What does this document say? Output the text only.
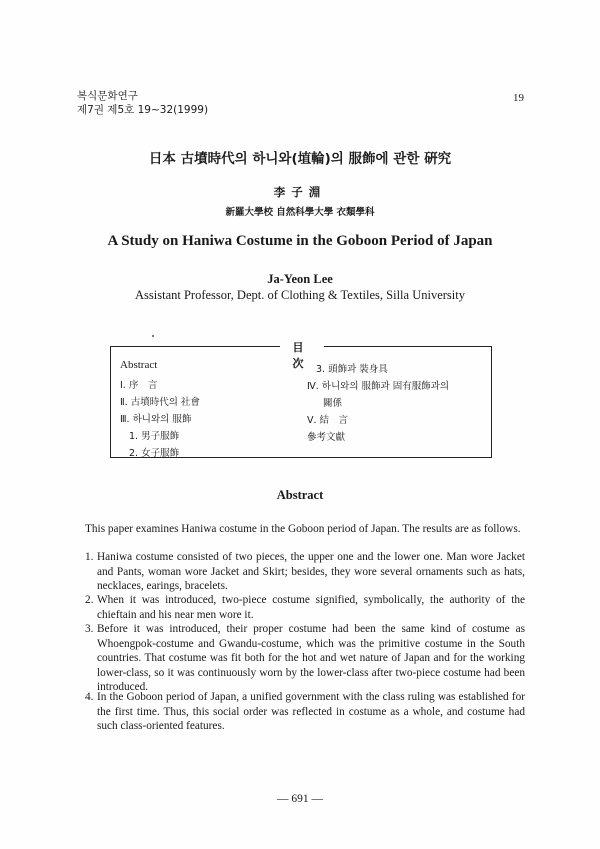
복식문화연구
제7권 제5호 19~32(1999)
19
日本 古墳時代의 하니와(埴輪)의 服飾에 관한 硏究
李子淵
新羅大學校 自然科學大學 衣類學科
A Study on Haniwa Costume in the Goboon Period of Japan
Ja-Yeon Lee
Assistant Professor, Dept. of Clothing & Textiles, Silla University
目 次
Abstract
Ⅰ. 序　言
Ⅱ. 古墳時代의 社會
Ⅲ. 하니와의 服飾
1. 男子服飾
2. 女子服飾
3. 頭飾과 裝身具
Ⅳ. 하니와의 服飾과 固有服飾과의
關係
Ⅴ. 結　言
參考文獻
Abstract
This paper examines Haniwa costume in the Goboon period of Japan. The results are as follows.
1. Haniwa costume consisted of two pieces, the upper one and the lower one. Man wore Jacket and Pants, woman wore Jacket and Skirt; besides, they wore several ornaments such as hats, necklaces, earings, bracelets.
2. When it was introduced, two-piece costume signified, symbolically, the authority of the chieftain and his near men wore it.
3. Before it was introduced, their proper costume had been the same kind of costume as Whoengpok-costume and Gwandu-costume, which was the primitive costume in the South countries. That costume was fit both for the hot and wet nature of Japan and for the working lower-class, so it was continuously worn by the lower-class after two-piece costume had been introduced.
4. In the Goboon period of Japan, a unified government with the class ruling was established for the first time. Thus, this social order was reflected in costume as a whole, and costume had such class-oriented features.
― 691 ―
